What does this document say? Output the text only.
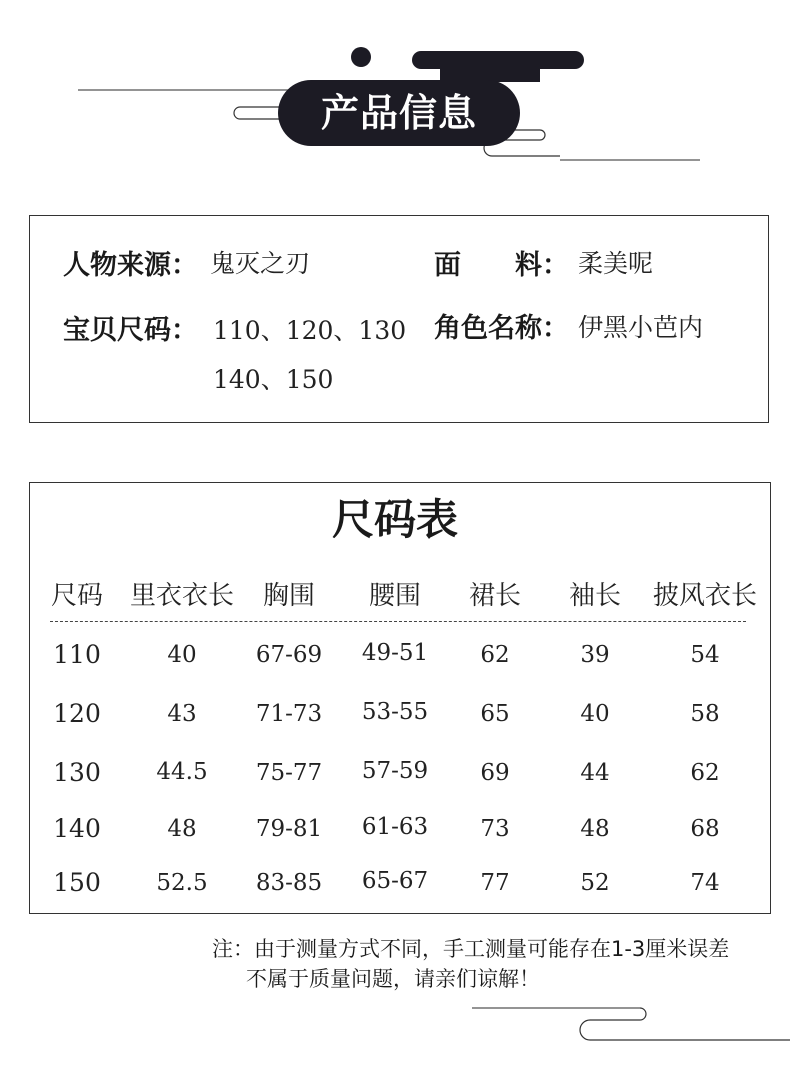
产品信息
人物来源： 鬼灭之刃	面　　料： 柔美呢
宝贝尺码： 110、120、130
140、150
角色名称： 伊黑小芭内
尺码表
尺码 里衣衣长 胸围 腰围 裙长 袖长 披风衣长
110	40	67-69 49-51 62	39	54
120	43	71-73 53-55 65	40	58
130 44.5 75-77 57-59 69	44	62
140	48	79-81 61-63 73	48	68
150 52.5 83-85 65-67 77	52	74
注：由于测量方式不同，手工测量可能存在1-3厘米误差
不属于质量问题，请亲们谅解！
